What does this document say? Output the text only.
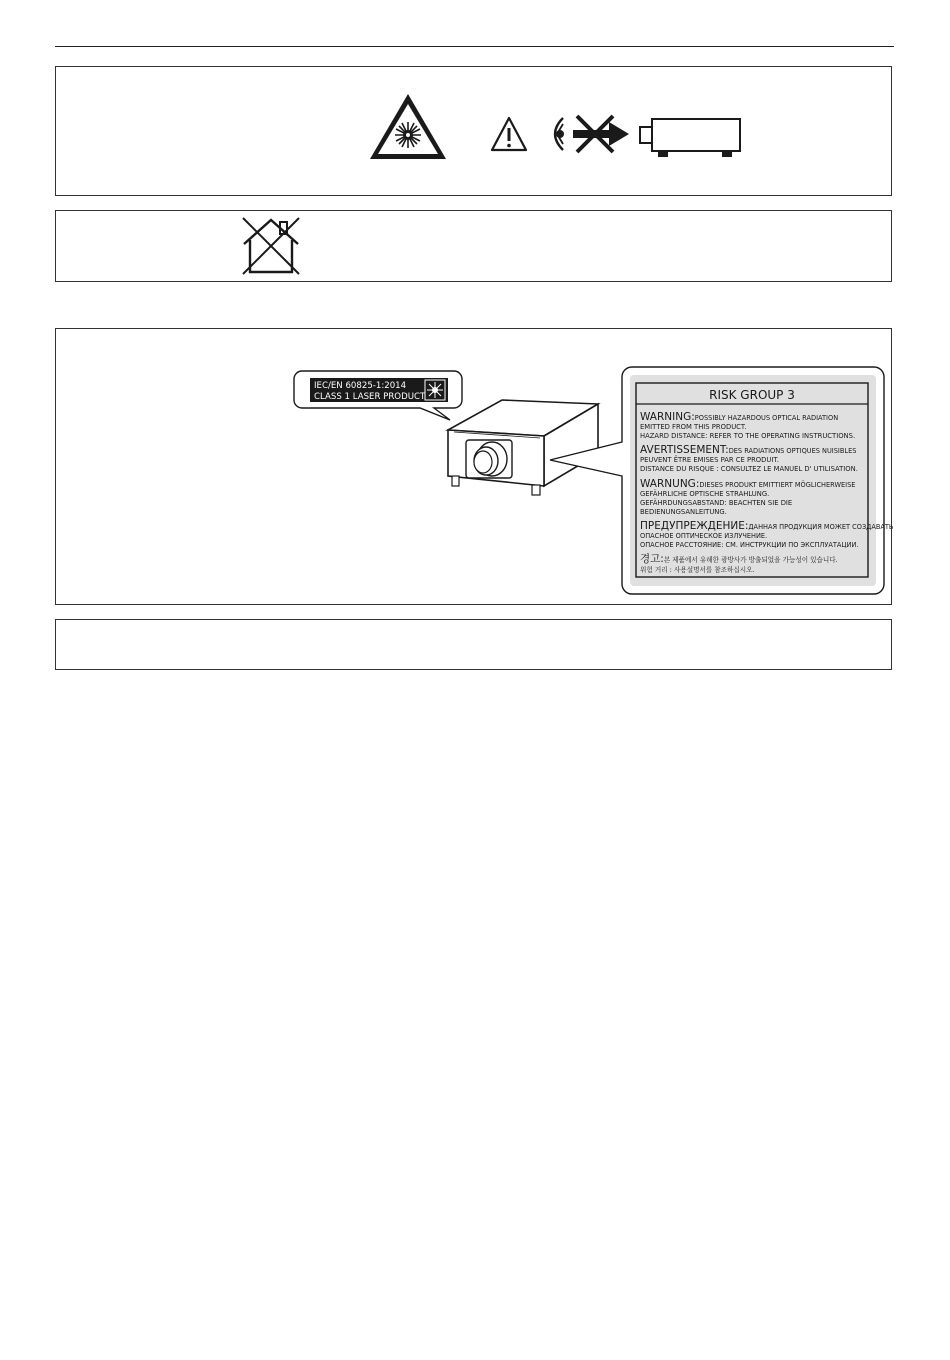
IEC/EN 60825-1:2014
CLASS 1 LASER PRODUCT	RISK GROUP 3
WARNING:POSSIBLY HAZARDOUS OPTICAL RADIATION
EMITTED FROM THIS PRODUCT.
HAZARD DISTANCE: REFER TO THE OPERATING INSTRUCTIONS.
AVERTISSEMENT:DES RADIATIONS OPTIQUES NUISIBLES
PEUVENT ÊTRE EMISES PAR CE PRODUIT.
DISTANCE DU RISQUE : CONSULTEZ LE MANUEL D' UTILISATION.
WARNUNG:DIESES PRODUKT EMITTIERT MÖGLICHERWEISE
GEFÄHRLICHE OPTISCHE STRAHLUNG.
GEFÄHRDUNGSABSTAND: BEACHTEN SIE DIE
BEDIENUNGSANLEITUNG.
ПРЕДУПРЕЖДЕНИЕ:ДАННАЯ ПРОДУКЦИЯ МОЖЕТ СОЗДАВАТЬ
ОПАСНОЕ ОПТИЧЕСКОЕ ИЗЛУЧЕНИЕ.
ОПАСНОЕ РАССТОЯНИЕ: СМ. ИНСТРУКЦИИ ПО ЭКСПЛУАТАЦИИ.
경고:본 제품에서 유해한 광방사가 방출되었을 가능성이 있습니다.
위험 거리 : 사용설명서를 참조하십시오.
